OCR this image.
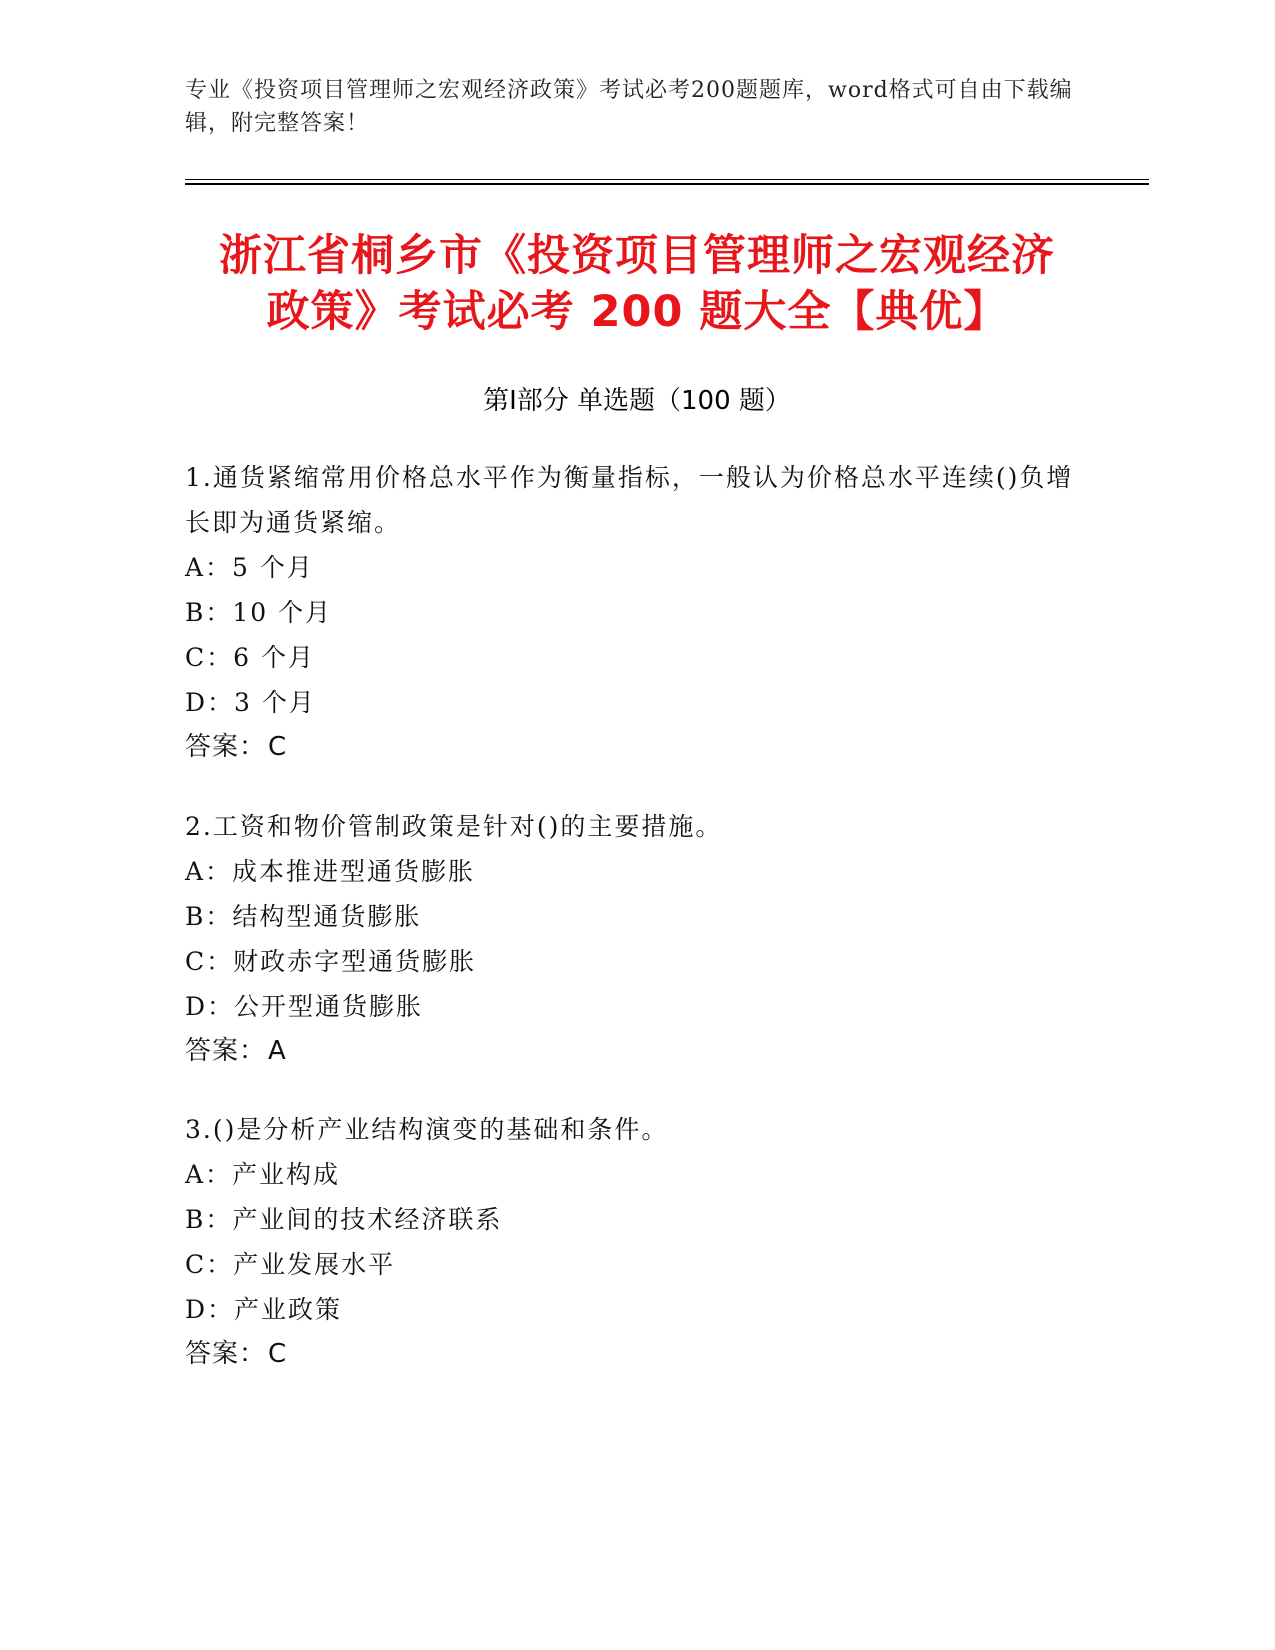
专业《投资项目管理师之宏观经济政策》考试必考200题题库，word格式可自由下载编辑，附完整答案！
浙江省桐乡市《投资项目管理师之宏观经济
政策》考试必考 200 题大全【典优】
第Ⅰ部分 单选题（100 题）
1.通货紧缩常用价格总水平作为衡量指标，一般认为价格总水平连续()负增长即为通货紧缩。
A：5 个月
B：10 个月
C：6 个月
D：3 个月
答案：C
2.工资和物价管制政策是针对()的主要措施。
A：成本推进型通货膨胀
B：结构型通货膨胀
C：财政赤字型通货膨胀
D：公开型通货膨胀
答案：A
3.()是分析产业结构演变的基础和条件。
A：产业构成
B：产业间的技术经济联系
C：产业发展水平
D：产业政策
答案：C
